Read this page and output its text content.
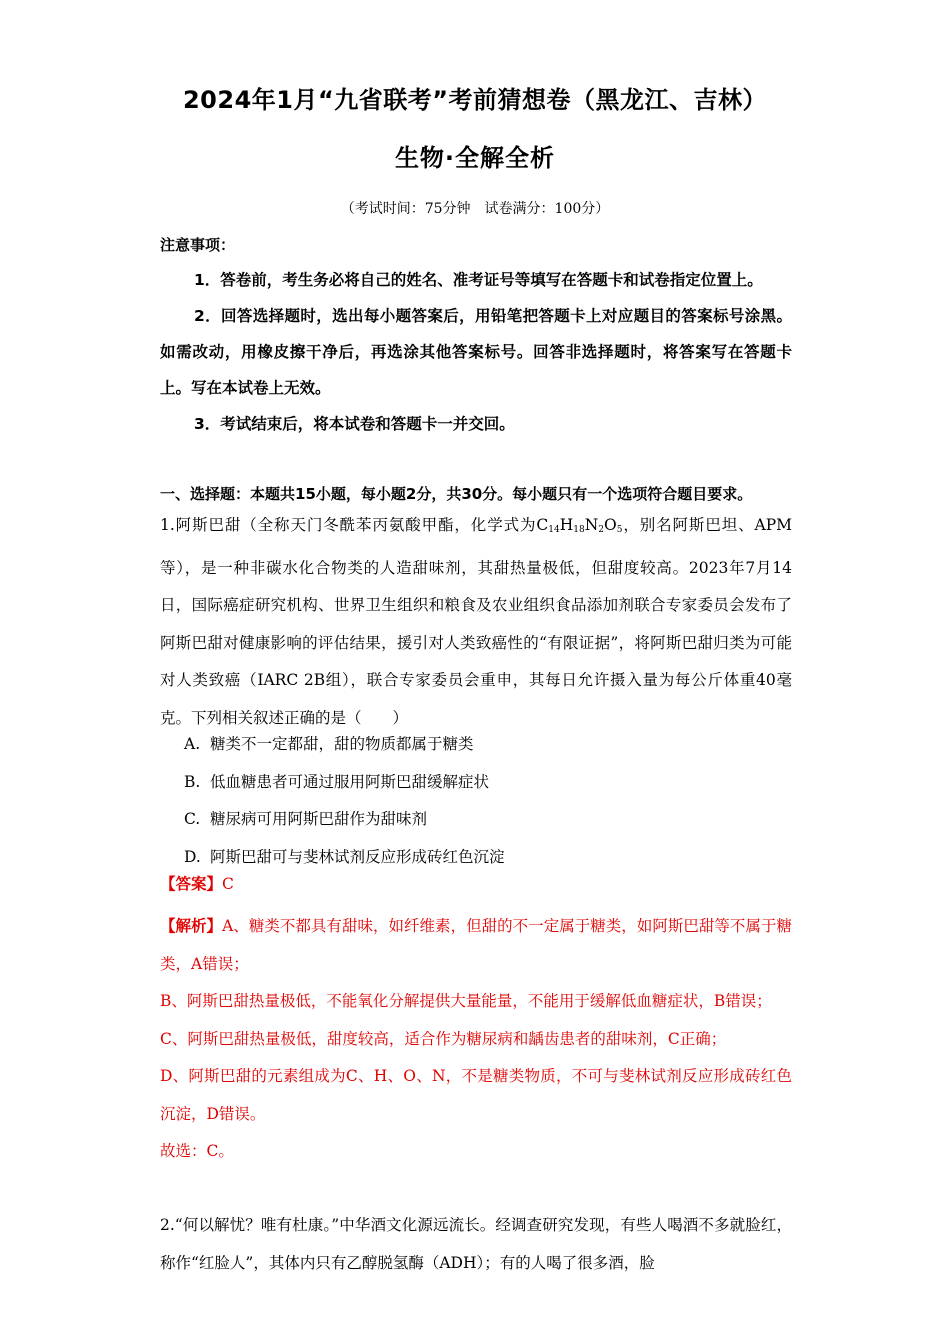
2024年1月“九省联考”考前猜想卷（黑龙江、吉林）
生物·全解全析
（考试时间：75分钟　试卷满分：100分）
注意事项：

1．答卷前，考生务必将自己的姓名、准考证号等填写在答题卡和试卷指定位置上。

2．回答选择题时，选出每小题答案后，用铅笔把答题卡上对应题目的答案标号涂黑。如需改动，用橡皮擦干净后，再选涂其他答案标号。回答非选择题时，将答案写在答题卡上。写在本试卷上无效。

3．考试结束后，将本试卷和答题卡一并交回。

一、选择题：本题共15小题，每小题2分，共30分。每小题只有一个选项符合题目要求。

1.阿斯巴甜（全称天门冬酰苯丙氨酸甲酯，化学式为$C_{14}H_{18}N_2O_5$，别名阿斯巴坦、APM等），是一种非碳水化合物类的人造甜味剂，其甜热量极低，但甜度较高。2023年7月14日，国际癌症研究机构、世界卫生组织和粮食及农业组织食品添加剂联合专家委员会发布了阿斯巴甜对健康影响的评估结果，援引对人类致癌性的“有限证据”，将阿斯巴甜归类为可能对人类致癌（IARC 2B组），联合专家委员会重申，其每日允许摄入量为每公斤体重40毫克。下列相关叙述正确的是（　　）

A. 糖类不一定都甜，甜的物质都属于糖类
B. 低血糖患者可通过服用阿斯巴甜缓解症状
C. 糖尿病可用阿斯巴甜作为甜味剂
D. 阿斯巴甜可与斐林试剂反应形成砖红色沉淀
【答案】C

【解析】A、糖类不都具有甜味，如纤维素，但甜的不一定属于糖类，如阿斯巴甜等不属于糖类，A错误；

B、阿斯巴甜热量极低，不能氧化分解提供大量能量，不能用于缓解低血糖症状，B错误；

C、阿斯巴甜热量极低，甜度较高，适合作为糖尿病和龋齿患者的甜味剂，C正确；

D、阿斯巴甜的元素组成为C、H、O、N，不是糖类物质，不可与斐林试剂反应形成砖红色沉淀，D错误。

故选：C。

2.“何以解忧？唯有杜康。”中华酒文化源远流长。经调查研究发现，有些人喝酒不多就脸红，称作“红脸人”，其体内只有乙醇脱氢酶（ADH）；有的人喝了很多酒，脸
